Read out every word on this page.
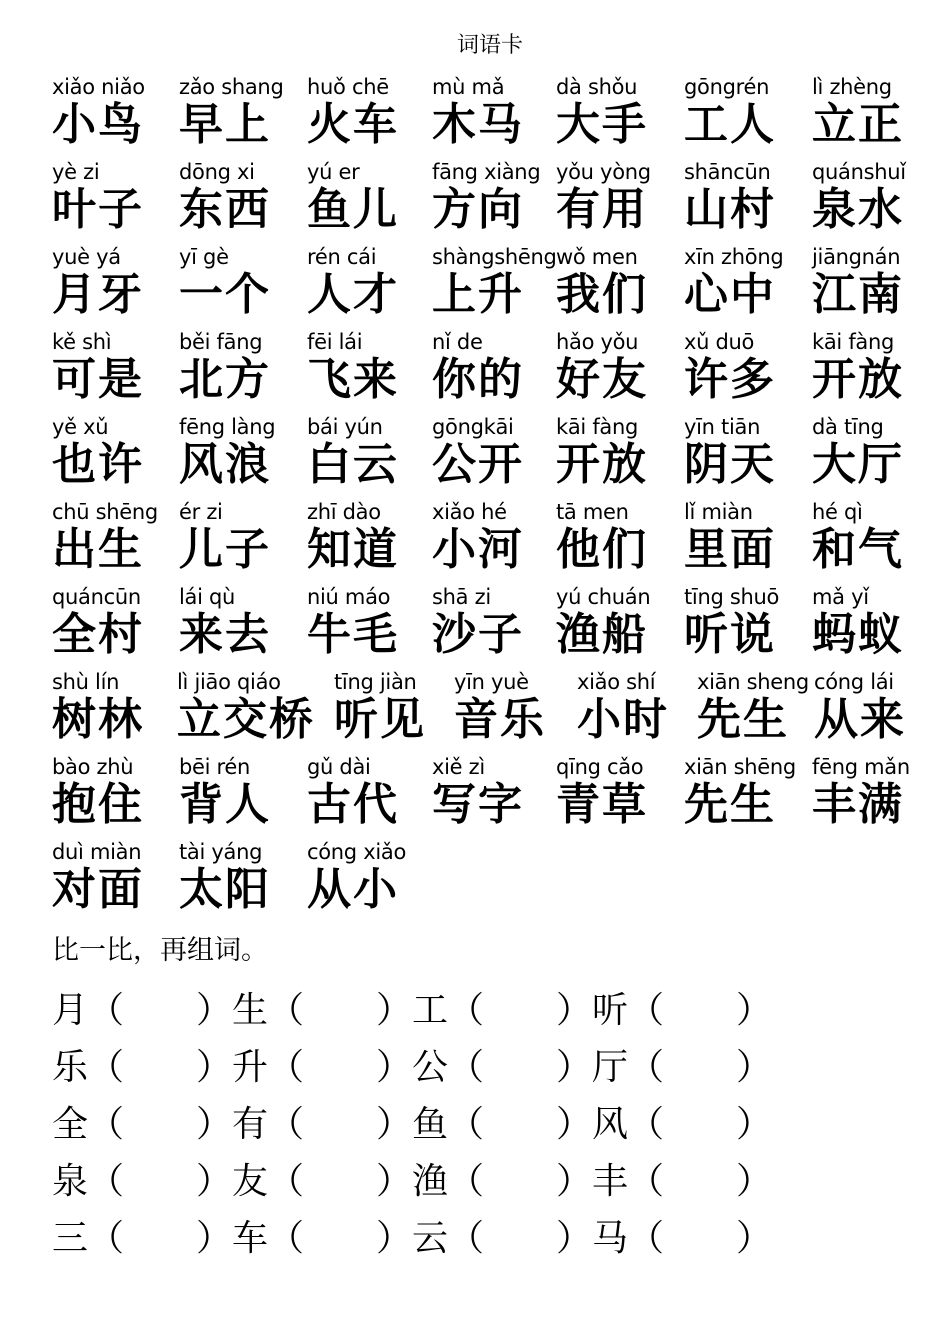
词语卡
xiǎo niǎo
小鸟
zǎo shang
早上
huǒ chē
火车
mù mǎ
木马
dà shǒu
大手
gōngrén
工人
lì zhèng
立正
yè zi
叶子
dōng xi
东西
yú er
鱼儿
fāng xiàng
方向
yǒu yòng
有用
shāncūn
山村
quánshuǐ
泉水
yuè yá
月牙
yī gè
一个
rén cái
人才
shàngshēng
上升
wǒ men
我们
xīn zhōng
心中
jiāngnán
江南
kě shì
可是
běi fāng
北方
fēi lái
飞来
nǐ de
你的
hǎo yǒu
好友
xǔ duō
许多
kāi fàng
开放
yě xǔ
也许
fēng làng
风浪
bái yún
白云
gōngkāi
公开
kāi fàng
开放
yīn tiān
阴天
dà tīng
大厅
chū shēng
出生
ér zi
儿子
zhī dào
知道
xiǎo hé
小河
tā men
他们
lǐ miàn
里面
hé qì
和气
quáncūn
全村
lái qù
来去
niú máo
牛毛
shā zi
沙子
yú chuán
渔船
tīng shuō
听说
mǎ yǐ
蚂蚁
shù lín
树林
lì jiāo qiáo
立交桥
tīng jiàn
听见
yīn yuè
音乐
xiǎo shí
小时
xiān sheng
先生
cóng lái
从来
bào zhù
抱住
bēi rén
背人
gǔ dài
古代
xiě zì
写字
qīng cǎo
青草
xiān shēng
先生
fēng mǎn
丰满
duì miàn
对面
tài yáng
太阳
cóng xiǎo
从小
比一比，再组词。
月（　　） 生（　　） 工（　　） 听（　　）
乐（　　） 升（　　） 公（　　） 厅（　　）
全（　　） 有（　　） 鱼（　　） 风（　　）
泉（　　） 友（　　） 渔（　　） 丰（　　）
三（　　） 车（　　） 云（　　） 马（　　）
